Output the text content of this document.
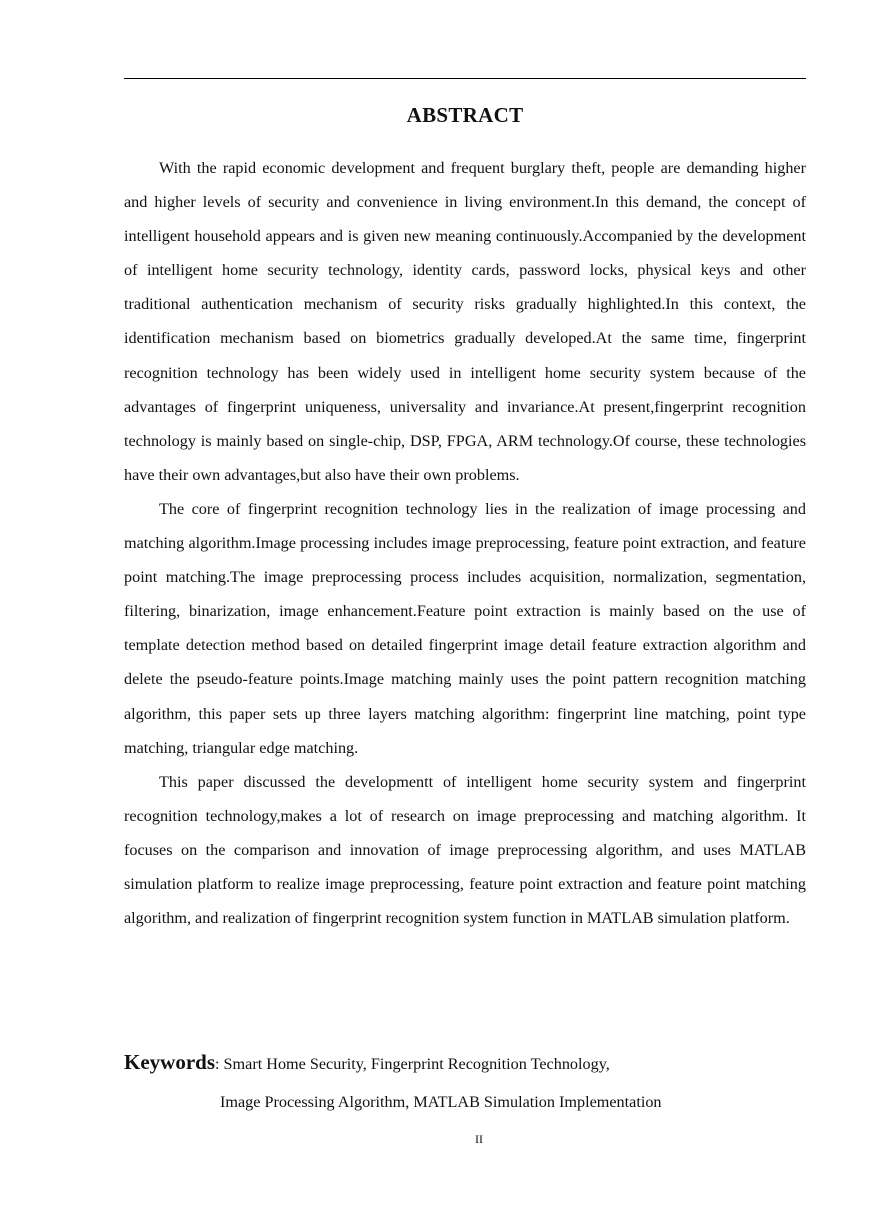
ABSTRACT

With the rapid economic development and frequent burglary theft, people are demanding higher and higher levels of security and convenience in living environment.In this demand, the concept of intelligent household appears and is given new meaning continuously.Accompanied by the development of intelligent home security technology, identity cards, password locks, physical keys and other traditional authentication mechanism of security risks gradually highlighted.In this context, the identification mechanism based on biometrics gradually developed.At the same time, fingerprint recognition technology has been widely used in intelligent home security system because of the advantages of fingerprint uniqueness, universality and invariance.At present,fingerprint recognition technology is mainly based on single-chip, DSP, FPGA, ARM technology.Of course, these technologies have their own advantages,but also have their own problems.

The core of fingerprint recognition technology lies in the realization of image processing and matching algorithm.Image processing includes image preprocessing, feature point extraction, and feature point matching.The image preprocessing process includes acquisition, normalization, segmentation, filtering, binarization, image enhancement.Feature point extraction is mainly based on the use of template detection method based on detailed fingerprint image detail feature extraction algorithm and delete the pseudo-feature points.Image matching mainly uses the point pattern recognition matching algorithm, this paper sets up three layers matching algorithm: fingerprint line matching, point type matching, triangular edge matching.

This paper discussed the developmentt of intelligent home security system and fingerprint recognition technology,makes a lot of research on image preprocessing and matching algorithm. It focuses on the comparison and innovation of image preprocessing algorithm, and uses MATLAB simulation platform to realize image preprocessing, feature point extraction and feature point matching algorithm, and realization of fingerprint recognition system function in MATLAB simulation platform.

Keywords: Smart Home Security, Fingerprint Recognition Technology,
Image Processing Algorithm, MATLAB Simulation Implementation
II
